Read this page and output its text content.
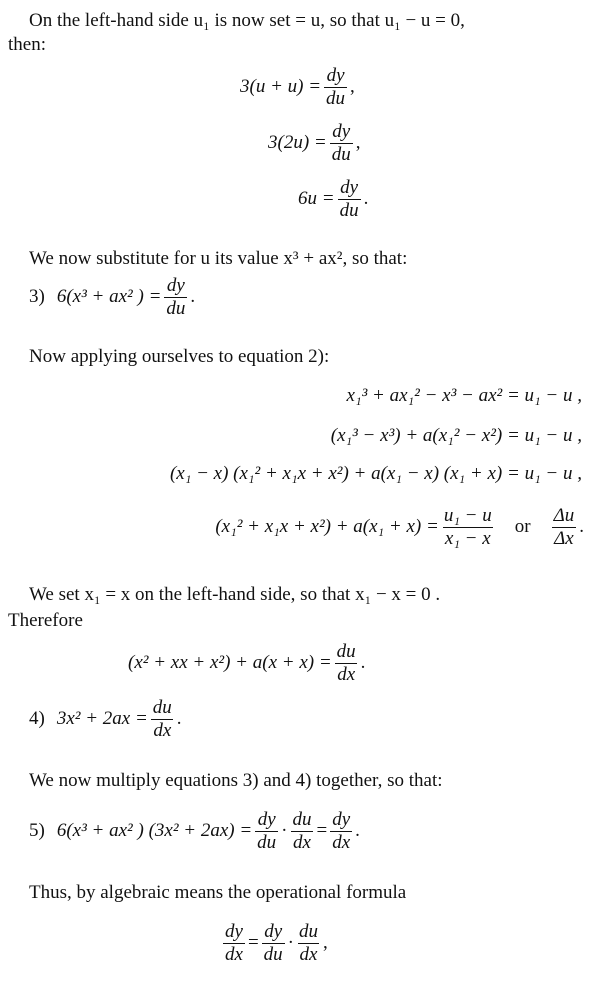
On the left-hand side u₁ is now set = u, so that u₁ − u = 0,
then:
$3(u + u) = \frac{dy}{du}$ ,
$3(2u) = \frac{dy}{du}$ ,
$6u = \frac{dy}{du}$ .
We now substitute for u its value x³ + ax², so that:
3) 6(x³ + ax² ) = $\frac{dy}{du}$ .
Now applying ourselves to equation 2):
x₁³ + ax₁² − x³ − ax² = u₁ − u ,
(x₁³ − x³) + a(x₁² − x²) = u₁ − u ,
(x₁ − x) (x₁² + x₁x + x²) + a(x₁ − x) (x₁ + x) = u₁ − u ,
$(x_1^2 + x_1x + x^2) + a(x_1 + x) = \frac{\text{u₁ − u}}{\text{x₁ − x}}$ or $\frac{\Delta u}{\Delta x}$ .
We set x₁ = x on the left-hand side, so that x₁ − x = 0 .
Therefore
(x² + xx + $x^2) + a(x + x) = \frac{du}{dx}$ .
4) $3x^2 + 2ax = \frac{du}{dx}$ .
We now multiply equations 3) and 4) together, so that:
5) 6(x³ + ax² ) $(3x^2 + 2ax) = \frac{dy}{du} \cdot \frac{du}{dx} = \frac{dy}{dx}$ .
Thus, by algebraic means the operational formula
$\frac{dy}{dx} = \frac{dy}{du} \cdot \frac{du}{dx}$ ,
